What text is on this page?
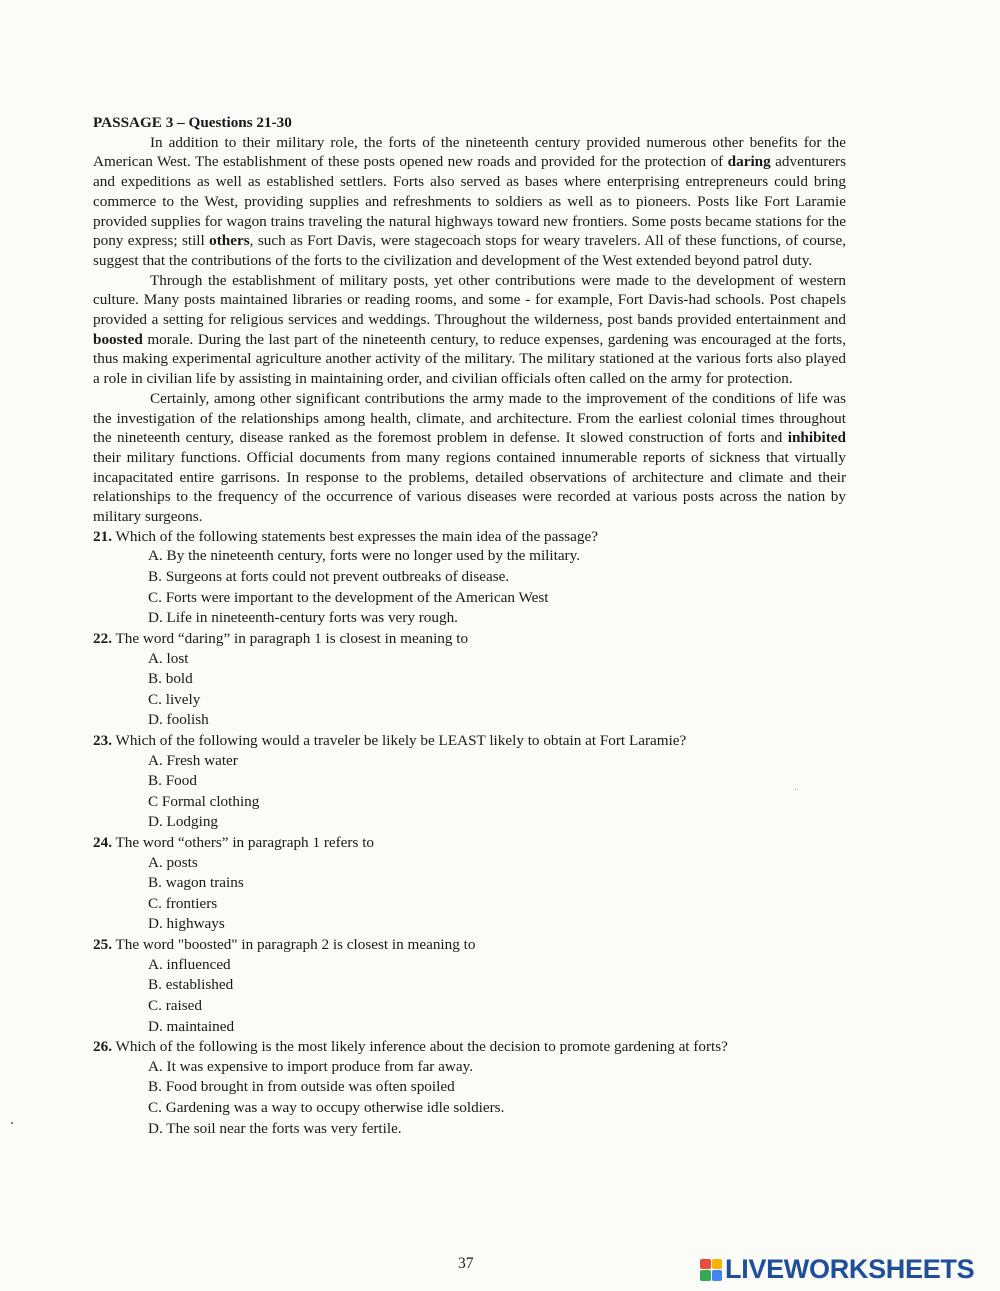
PASSAGE 3 – Questions 21-30

In addition to their military role, the forts of the nineteenth century provided numerous other benefits for the American West. The establishment of these posts opened new roads and provided for the protection of daring adventurers and expeditions as well as established settlers. Forts also served as bases where enterprising entrepreneurs could bring commerce to the West, providing supplies and refreshments to soldiers as well as to pioneers. Posts like Fort Laramie provided supplies for wagon trains traveling the natural highways toward new frontiers. Some posts became stations for the pony express; still others, such as Fort Davis, were stagecoach stops for weary travelers. All of these functions, of course, suggest that the contributions of the forts to the civilization and development of the West extended beyond patrol duty.

Through the establishment of military posts, yet other contributions were made to the development of western culture. Many posts maintained libraries or reading rooms, and some - for example, Fort Davis-had schools. Post chapels provided a setting for religious services and weddings. Throughout the wilderness, post bands provided entertainment and boosted morale. During the last part of the nineteenth century, to reduce expenses, gardening was encouraged at the forts, thus making experimental agriculture another activity of the military. The military stationed at the various forts also played a role in civilian life by assisting in maintaining order, and civilian officials often called on the army for protection.

Certainly, among other significant contributions the army made to the improvement of the conditions of life was the investigation of the relationships among health, climate, and architecture. From the earliest colonial times throughout the nineteenth century, disease ranked as the foremost problem in defense. It slowed construction of forts and inhibited their military functions. Official documents from many regions contained innumerable reports of sickness that virtually incapacitated entire garrisons. In response to the problems, detailed observations of architecture and climate and their relationships to the frequency of the occurrence of various diseases were recorded at various posts across the nation by military surgeons.

21. Which of the following statements best expresses the main idea of the passage?

A. By the nineteenth century, forts were no longer used by the military.
B. Surgeons at forts could not prevent outbreaks of disease.
C. Forts were important to the development of the American West
D. Life in nineteenth-century forts was very rough.

22. The word “daring” in paragraph 1 is closest in meaning to

A. lost
B. bold
C. lively
D. foolish

23. Which of the following would a traveler be likely be LEAST likely to obtain at Fort Laramie?

A. Fresh water
B. Food
C Formal clothing
D. Lodging

24. The word “others” in paragraph 1 refers to

A. posts
B. wagon trains
C. frontiers
D. highways

25. The word "boosted" in paragraph 2 is closest in meaning to

A. influenced
B. established
C. raised
D. maintained

26. Which of the following is the most likely inference about the decision to promote gardening at forts?

A. It was expensive to import produce from far away.
B. Food brought in from outside was often spoiled
C. Gardening was a way to occupy otherwise idle soldiers.
D. The soil near the forts was very fertile.
37	LIVEWORKSHEETS
